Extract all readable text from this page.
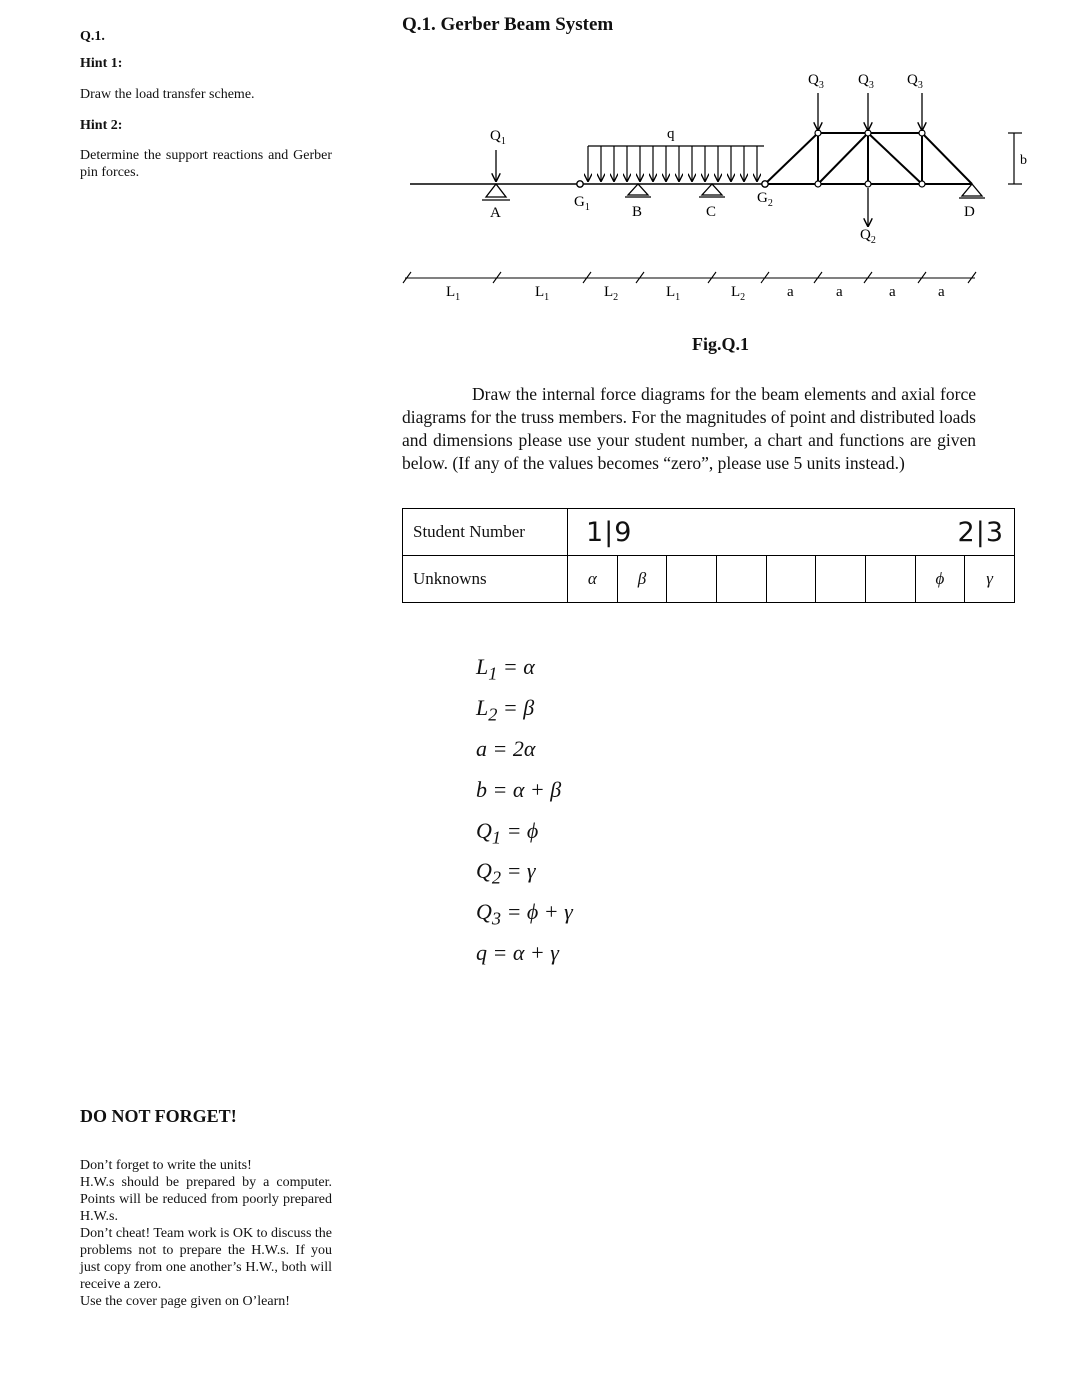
Q.1.
Hint 1:
Draw the load transfer scheme.
Hint 2:
Determine the support reactions and Gerber pin forces.
DO NOT FORGET!
Don’t forget to write the units!
H.W.s should be prepared by a computer. Points will be reduced from poorly prepared H.W.s.
Don’t cheat! Team work is OK to discuss the problems not to prepare the H.W.s. If you just copy from one another’s H.W., both will receive a zero.
Use the cover page given on O’learn!
Q.1. Gerber Beam System
$Q_1$	q
$Q_3$ $Q_3$ $Q_3$
$Q_2$
A
$G_1$	B	C
$G_2$
D
b
$L_1$	$L_1$	$L_2$	$L_1$	$L_2$	a	a	a	a
Fig.Q.1
Draw the internal force diagrams for the beam elements and axial force diagrams for the truss members. For the magnitudes of point and distributed loads and dimensions please use your student number, a chart and functions are given below. (If any of the values becomes “zero”, please use 5 units instead.)
Student Number	1|9 2|3								

Unknowns	α	β						ϕ	γ
$L_1 = \alpha$
$L_2 = \beta$
a = 2α
b = α + β
$Q_1 = \phi$
$Q_2 = \gamma$
$Q_3 = \phi + \gamma$
q = α + γ
